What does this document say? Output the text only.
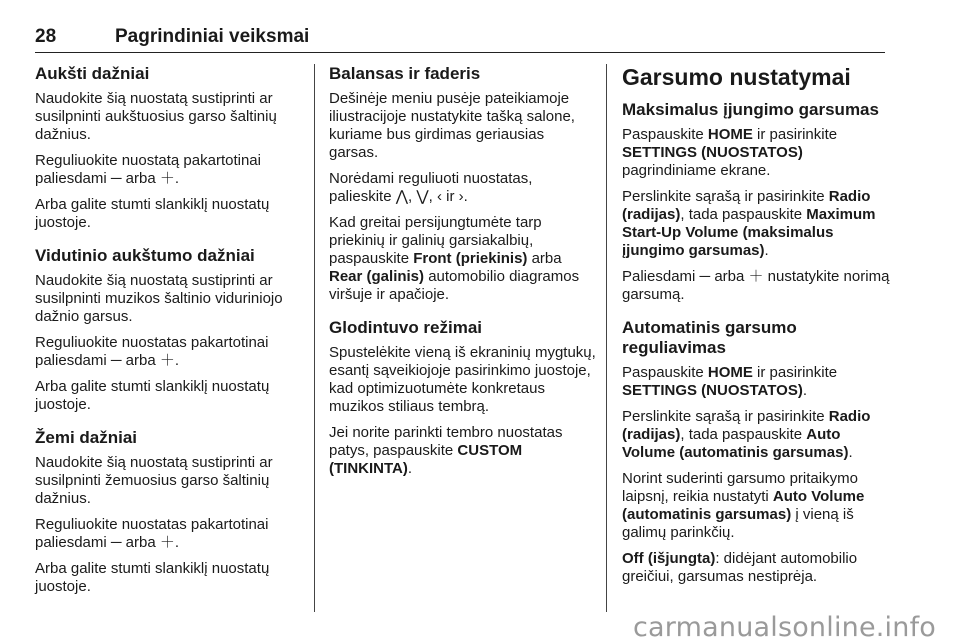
28	Pagrindiniai veiksmai
Aukšti dažniai

Naudokite šią nuostatą sustiprinti ar susilpninti aukštuosius garso šaltinių dažnius.

Reguliuokite nuostatą pakartotinai paliesdami ─ arba ＋.

Arba galite stumti slankiklį nuostatų juostoje.

Vidutinio aukštumo dažniai

Naudokite šią nuostatą sustiprinti ar susilpninti muzikos šaltinio viduriniojo dažnio garsus.

Reguliuokite nuostatas pakartotinai paliesdami ─ arba ＋.

Arba galite stumti slankiklį nuostatų juostoje.

Žemi dažniai

Naudokite šią nuostatą sustiprinti ar susilpninti žemuosius garso šaltinių dažnius.

Reguliuokite nuostatas pakartotinai paliesdami ─ arba ＋.

Arba galite stumti slankiklį nuostatų juostoje.

Balansas ir faderis

Dešinėje meniu pusėje pateikiamoje iliustracijoje nustatykite tašką salone, kuriame bus girdimas geriausias garsas.

Norėdami reguliuoti nuostatas, palieskite ⋀, ⋁, ‹ ir ›.

Kad greitai persijungtumėte tarp priekinių ir galinių garsiakalbių, paspauskite Front (priekinis) arba Rear (galinis) automobilio diagramos viršuje ir apačioje.

Glodintuvo režimai

Spustelėkite vieną iš ekraninių mygtukų, esantį sąveikiojoje pasirinkimo juostoje, kad optimizuotumėte konkretaus muzikos stiliaus tembrą.

Jei norite parinkti tembro nuostatas patys, paspauskite CUSTOM (TINKINTA).

Garsumo nustatymai
Maksimalus įjungimo garsumas

Paspauskite HOME ir pasirinkite SETTINGS (NUOSTATOS) pagrindiniame ekrane.

Perslinkite sąrašą ir pasirinkite Radio (radijas), tada paspauskite Maximum Start-Up Volume (maksimalus įjungimo garsumas).

Paliesdami ─ arba ＋ nustatykite norimą garsumą.

Automatinis garsumo reguliavimas

Paspauskite HOME ir pasirinkite SETTINGS (NUOSTATOS).

Perslinkite sąrašą ir pasirinkite Radio (radijas), tada paspauskite Auto Volume (automatinis garsumas).

Norint suderinti garsumo pritaikymo laipsnį, reikia nustatyti Auto Volume (automatinis garsumas) į vieną iš galimų parinkčių.

Off (išjungta): didėjant automobilio greičiui, garsumas nestiprėja.

carmanualsonline.info
